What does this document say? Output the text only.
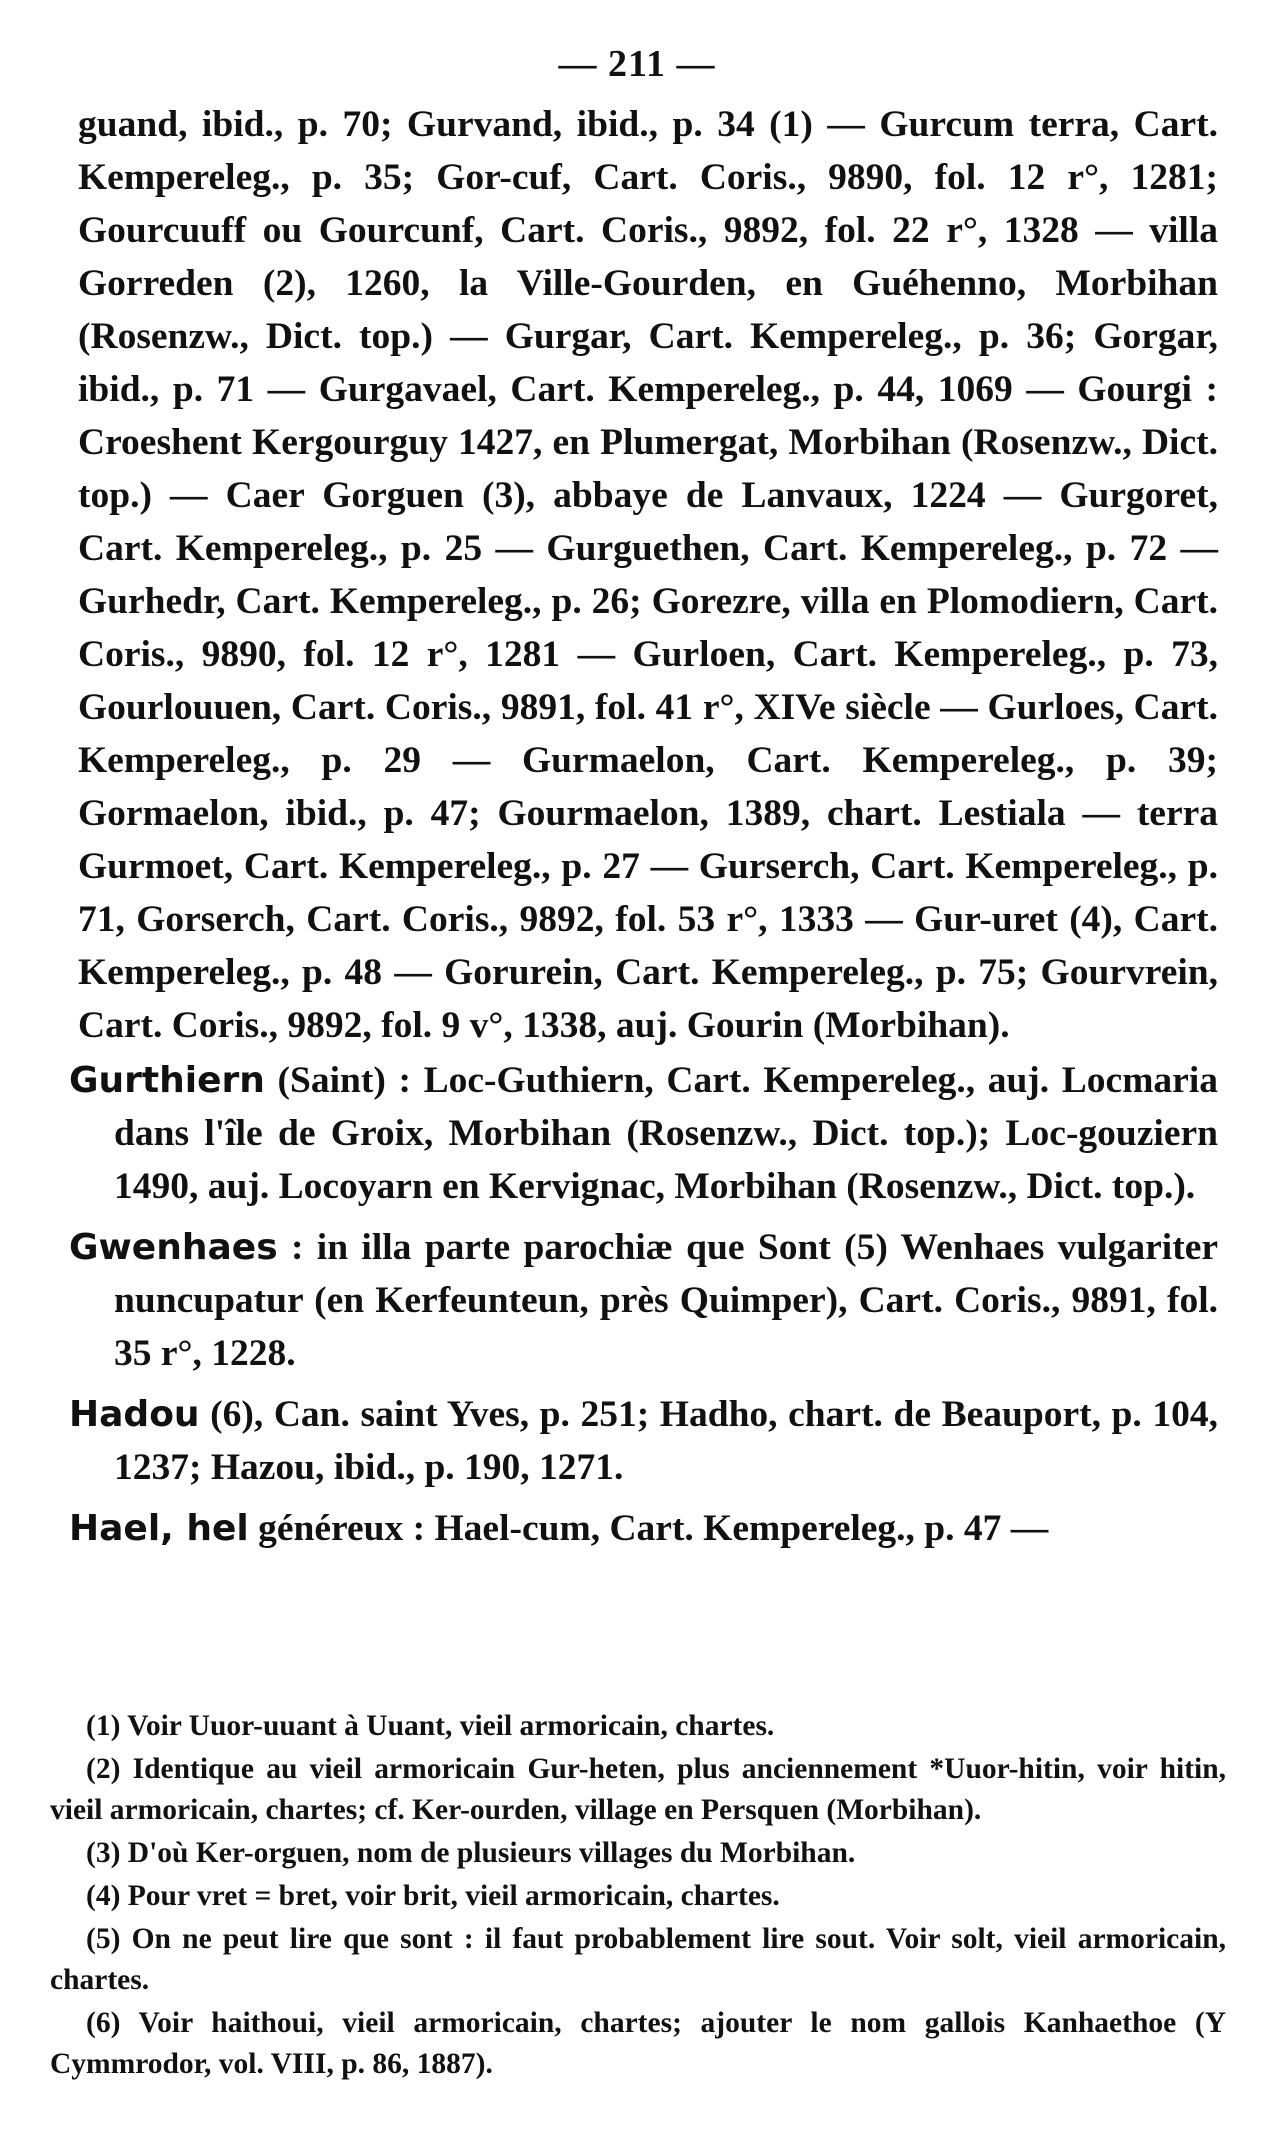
— 211 —

guand, ibid., p. 70; Gurvand, ibid., p. 34 (1) — Gurcum terra, Cart. Kempereleg., p. 35; Gor-cuf, Cart. Coris., 9890, fol. 12 r°, 1281; Gourcuuff ou Gourcunf, Cart. Coris., 9892, fol. 22 r°, 1328 — villa Gorreden (2), 1260, la Ville-Gourden, en Guéhenno, Morbihan (Rosenzw., Dict. top.) — Gurgar, Cart. Kempereleg., p. 36; Gorgar, ibid., p. 71 — Gurgavael, Cart. Kempereleg., p. 44, 1069 — Gourgi : Croeshent Kergourguy 1427, en Plumergat, Morbihan (Rosenzw., Dict. top.) — Caer Gorguen (3), abbaye de Lanvaux, 1224 — Gurgoret, Cart. Kempereleg., p. 25 — Gurguethen, Cart. Kempereleg., p. 72 — Gurhedr, Cart. Kempereleg., p. 26; Gorezre, villa en Plomodiern, Cart. Coris., 9890, fol. 12 r°, 1281 — Gurloen, Cart. Kempereleg., p. 73, Gourlouuen, Cart. Coris., 9891, fol. 41 r°, XIVe siècle — Gurloes, Cart. Kempereleg., p. 29 — Gurmaelon, Cart. Kempereleg., p. 39; Gormaelon, ibid., p. 47; Gourmaelon, 1389, chart. Lestiala — terra Gurmoet, Cart. Kempereleg., p. 27 — Gurserch, Cart. Kempereleg., p. 71, Gorserch, Cart. Coris., 9892, fol. 53 r°, 1333 — Gur-uret (4), Cart. Kempereleg., p. 48 — Gorurein, Cart. Kempereleg., p. 75; Gourvrein, Cart. Coris., 9892, fol. 9 v°, 1338, auj. Gourin (Morbihan).

Gurthiern (Saint) : Loc-Guthiern, Cart. Kempereleg., auj. Locmaria dans l'île de Groix, Morbihan (Rosenzw., Dict. top.); Loc-gouziern 1490, auj. Locoyarn en Kervignac, Morbihan (Rosenzw., Dict. top.).

Gwenhaes : in illa parte parochiæ que Sont (5) Wenhaes vulgariter nuncupatur (en Kerfeunteun, près Quimper), Cart. Coris., 9891, fol. 35 r°, 1228.

Hadou (6), Can. saint Yves, p. 251; Hadho, chart. de Beauport, p. 104, 1237; Hazou, ibid., p. 190, 1271.

Hael, hel généreux : Hael-cum, Cart. Kempereleg., p. 47 —

(1) Voir Uuor-uuant à Uuant, vieil armoricain, chartes.

(2) Identique au vieil armoricain Gur-heten, plus anciennement *Uuor-hitin, voir hitin, vieil armoricain, chartes; cf. Ker-ourden, village en Persquen (Morbihan).

(3) D'où Ker-orguen, nom de plusieurs villages du Morbihan.

(4) Pour vret = bret, voir brit, vieil armoricain, chartes.

(5) On ne peut lire que sont : il faut probablement lire sout. Voir solt, vieil armoricain, chartes.

(6) Voir haithoui, vieil armoricain, chartes; ajouter le nom gallois Kanhaethoe (Y Cymmrodor, vol. VIII, p. 86, 1887).
